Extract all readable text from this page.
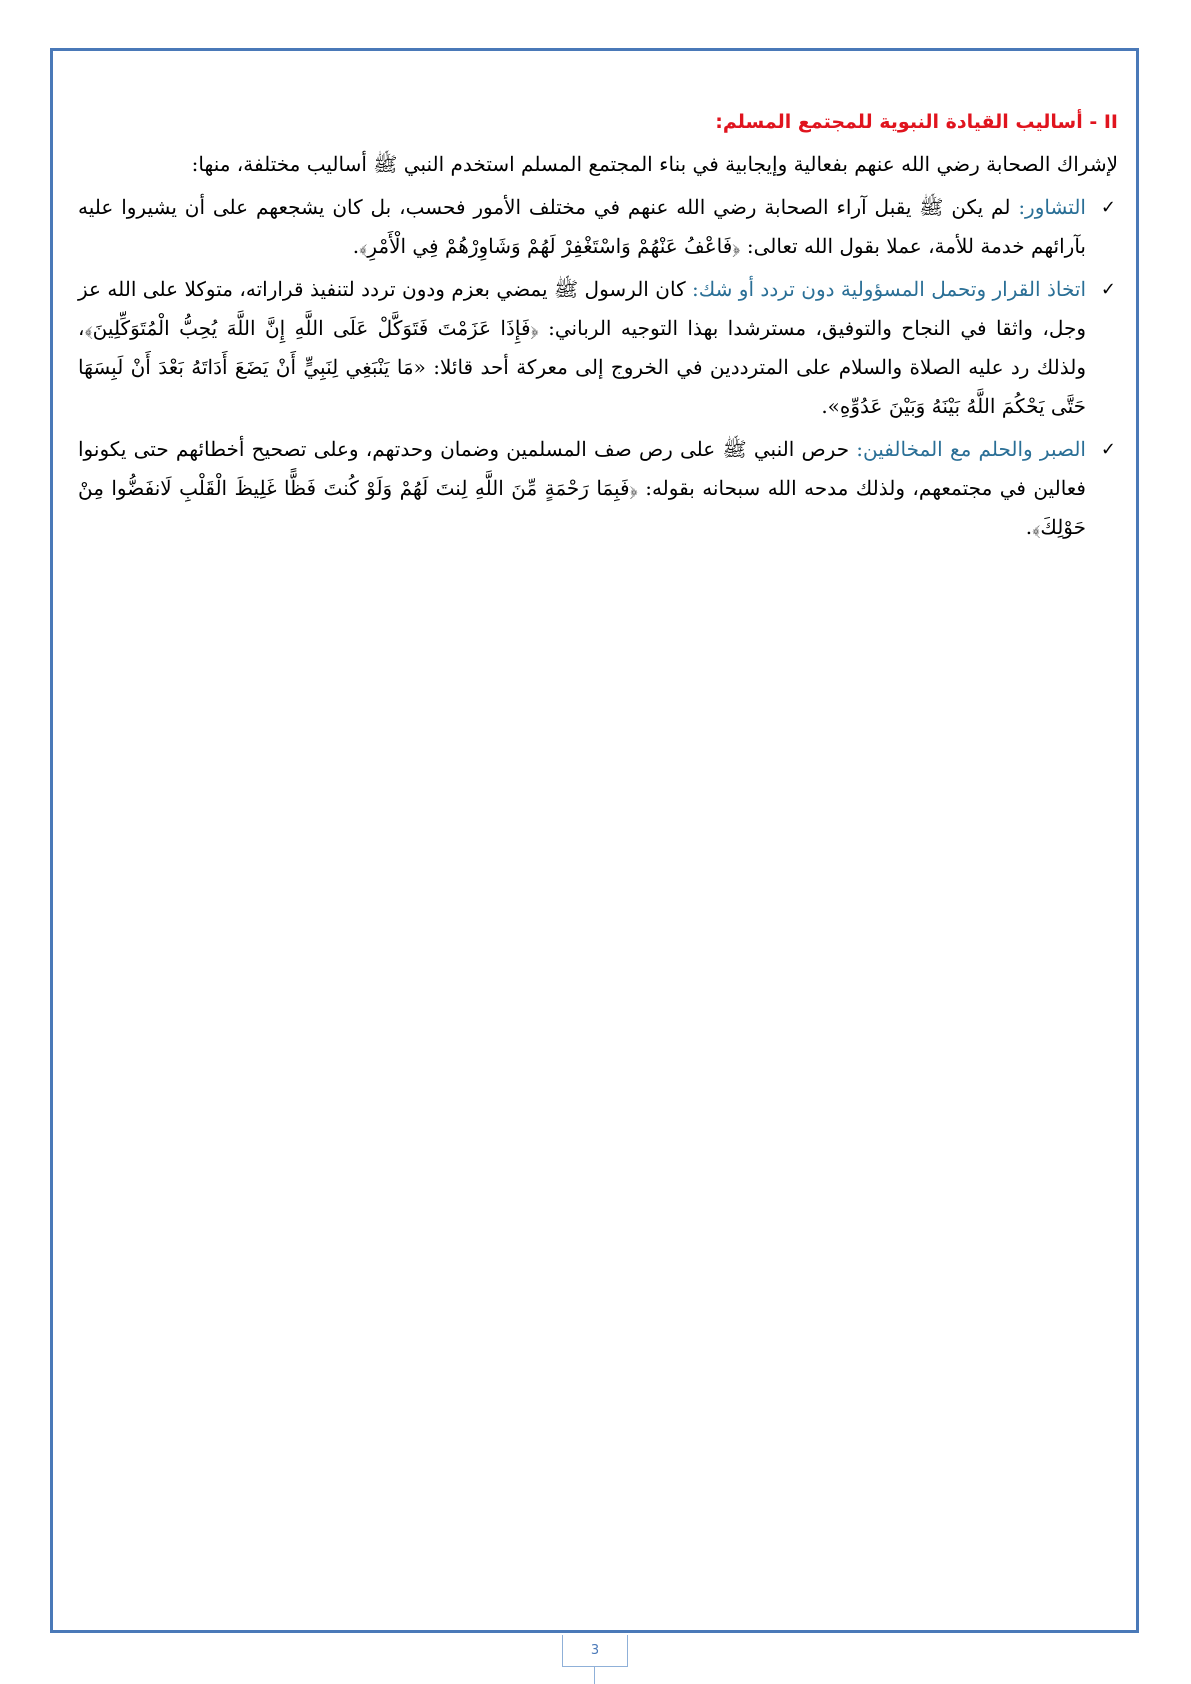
II - أساليب القيادة النبوية للمجتمع المسلم:

لإشراك الصحابة رضي الله عنهم بفعالية وإيجابية في بناء المجتمع المسلم استخدم النبي ﷺ أساليب مختلفة، منها:

✓
التشاور: لم يكن ﷺ يقبل آراء الصحابة رضي الله عنهم في مختلف الأمور فحسب، بل كان يشجعهم على أن يشيروا عليه بآرائهم خدمة للأمة، عملا بقول الله تعالى: ﴿فَاعْفُ عَنْهُمْ وَاسْتَغْفِرْ لَهُمْ وَشَاوِرْهُمْ فِي الْأَمْرِ﴾.
✓
اتخاذ القرار وتحمل المسؤولية دون تردد أو شك: كان الرسول ﷺ يمضي بعزم ودون تردد لتنفيذ قراراته، متوكلا على الله عز وجل، واثقا في النجاح والتوفيق، مسترشدا بهذا التوجيه الرباني: ﴿فَإِذَا عَزَمْتَ فَتَوَكَّلْ عَلَى اللَّهِ إِنَّ اللَّهَ يُحِبُّ الْمُتَوَكِّلِينَ﴾، ولذلك رد عليه الصلاة والسلام على المترددين في الخروج إلى معركة أحد قائلا: «مَا يَنْبَغِي لِنَبِيٍّ أَنْ يَضَعَ أَدَاتَهُ بَعْدَ أَنْ لَبِسَهَا حَتَّى يَحْكُمَ اللَّهُ بَيْنَهُ وَبَيْنَ عَدُوِّهِ».
✓
الصبر والحلم مع المخالفين: حرص النبي ﷺ على رص صف المسلمين وضمان وحدتهم، وعلى تصحيح أخطائهم حتى يكونوا فعالين في مجتمعهم، ولذلك مدحه الله سبحانه بقوله: ﴿فَبِمَا رَحْمَةٍ مِّنَ اللَّهِ لِنتَ لَهُمْ وَلَوْ كُنتَ فَظًّا غَلِيظَ الْقَلْبِ لَانفَضُّوا مِنْ حَوْلِكَ﴾.
3
